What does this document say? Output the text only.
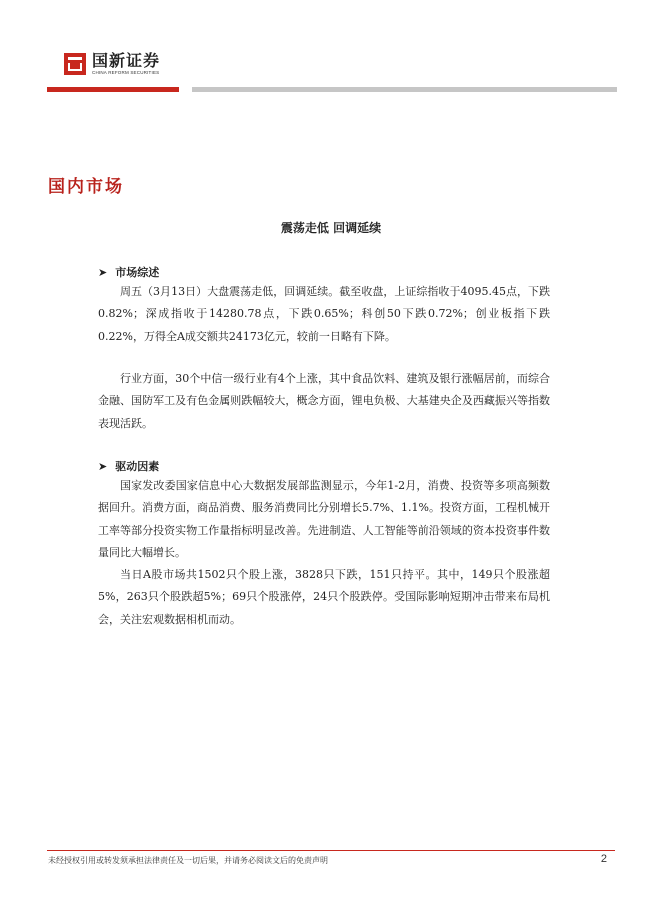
国新证券
CHINA REFORM SECURITIES
国内市场
震荡走低 回调延续
➤ 市场综述

周五（3月13日）大盘震荡走低，回调延续。截至收盘，上证综指收于4095.45点，下跌0.82%；深成指收于14280.78点，下跌0.65%；科创50下跌0.72%；创业板指下跌0.22%，万得全A成交额共24173亿元，较前一日略有下降。

行业方面，30个中信一级行业有4个上涨，其中食品饮料、建筑及银行涨幅居前，而综合金融、国防军工及有色金属则跌幅较大，概念方面，锂电负极、大基建央企及西藏振兴等指数表现活跃。

➤ 驱动因素

国家发改委国家信息中心大数据发展部监测显示，今年1-2月，消费、投资等多项高频数据回升。消费方面，商品消费、服务消费同比分别增长5.7%、1.1%。投资方面，工程机械开工率等部分投资实物工作量指标明显改善。先进制造、人工智能等前沿领域的资本投资事件数量同比大幅增长。

当日A股市场共1502只个股上涨，3828只下跌，151只持平。其中，149只个股涨超5%，263只个股跌超5%；69只个股涨停，24只个股跌停。受国际影响短期冲击带来布局机会，关注宏观数据相机而动。

未经授权引用或转发须承担法律责任及一切后果，并请务必阅读文后的免责声明	2
